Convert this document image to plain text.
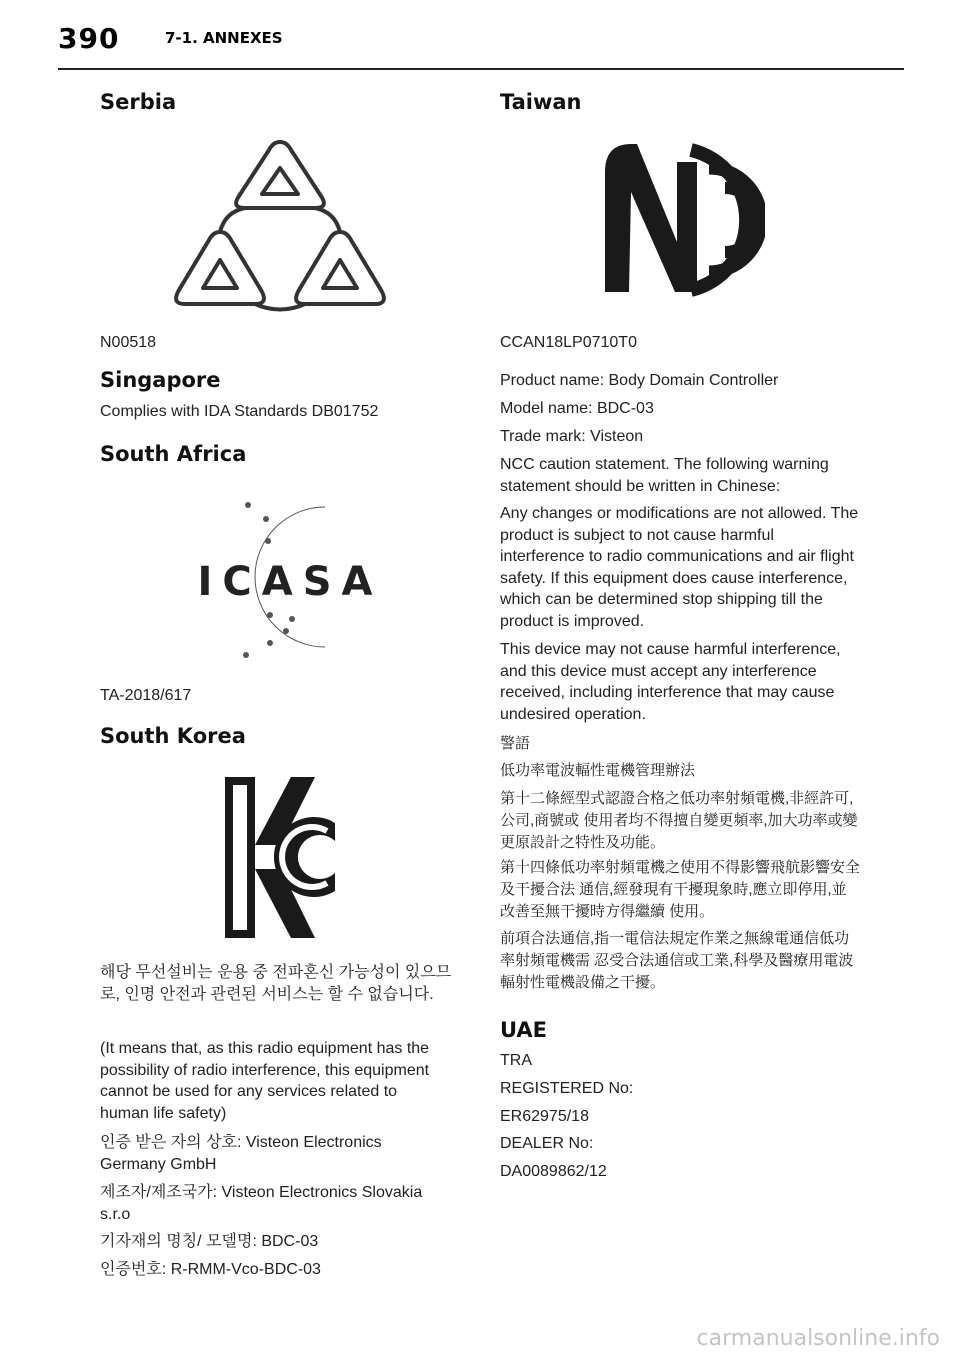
390	7-1. ANNEXES
Serbia
N00518
Singapore
Complies with IDA Standards DB01752
South Africa
ICASA
TA-2018/617
South Korea
해당 무선설비는 운용 중 전파혼신 가능성이 있으므로, 인명 안전과 관련된 서비스는 할 수 없습니다.
(It means that, as this radio equipment has the possibility of radio interference, this equipment cannot be used for any services related to human life safety)
인증 받은 자의 상호: Visteon Electronics Germany GmbH
제조자/제조국가: Visteon Electronics Slovakia s.r.o
기자재의 명칭/ 모델명: BDC-03
인증번호: R-RMM-Vco-BDC-03
Taiwan
CCAN18LP0710T0
Product name: Body Domain Controller
Model name: BDC-03
Trade mark: Visteon
NCC caution statement. The following warning statement should be written in Chinese:
Any changes or modifications are not allowed. The product is subject to not cause harmful interference to radio communications and air flight safety. If this equipment does cause interference, which can be determined stop shipping till the product is improved.
This device may not cause harmful interference, and this device must accept any interference received, including interference that may cause undesired operation.
警語
低功率電波輻性電機管理辦法
第十二條經型式認證合格之低功率射頻電機,非經許可,公司,商號或 使用者均不得擅自變更頻率,加大功率或變更原設計之特性及功能。
第十四條低功率射頻電機之使用不得影響飛航影響安全及干擾合法 通信,經發現有干擾現象時,應立即停用,並改善至無干擾時方得繼續 使用。
前項合法通信,指一電信法規定作業之無線電通信低功率射頻電機需 忍受合法通信或工業,科學及醫療用電波輻射性電機設備之干擾。
UAE
TRA
REGISTERED No:
ER62975/18
DEALER No:
DA0089862/12
carmanualsonline.info
